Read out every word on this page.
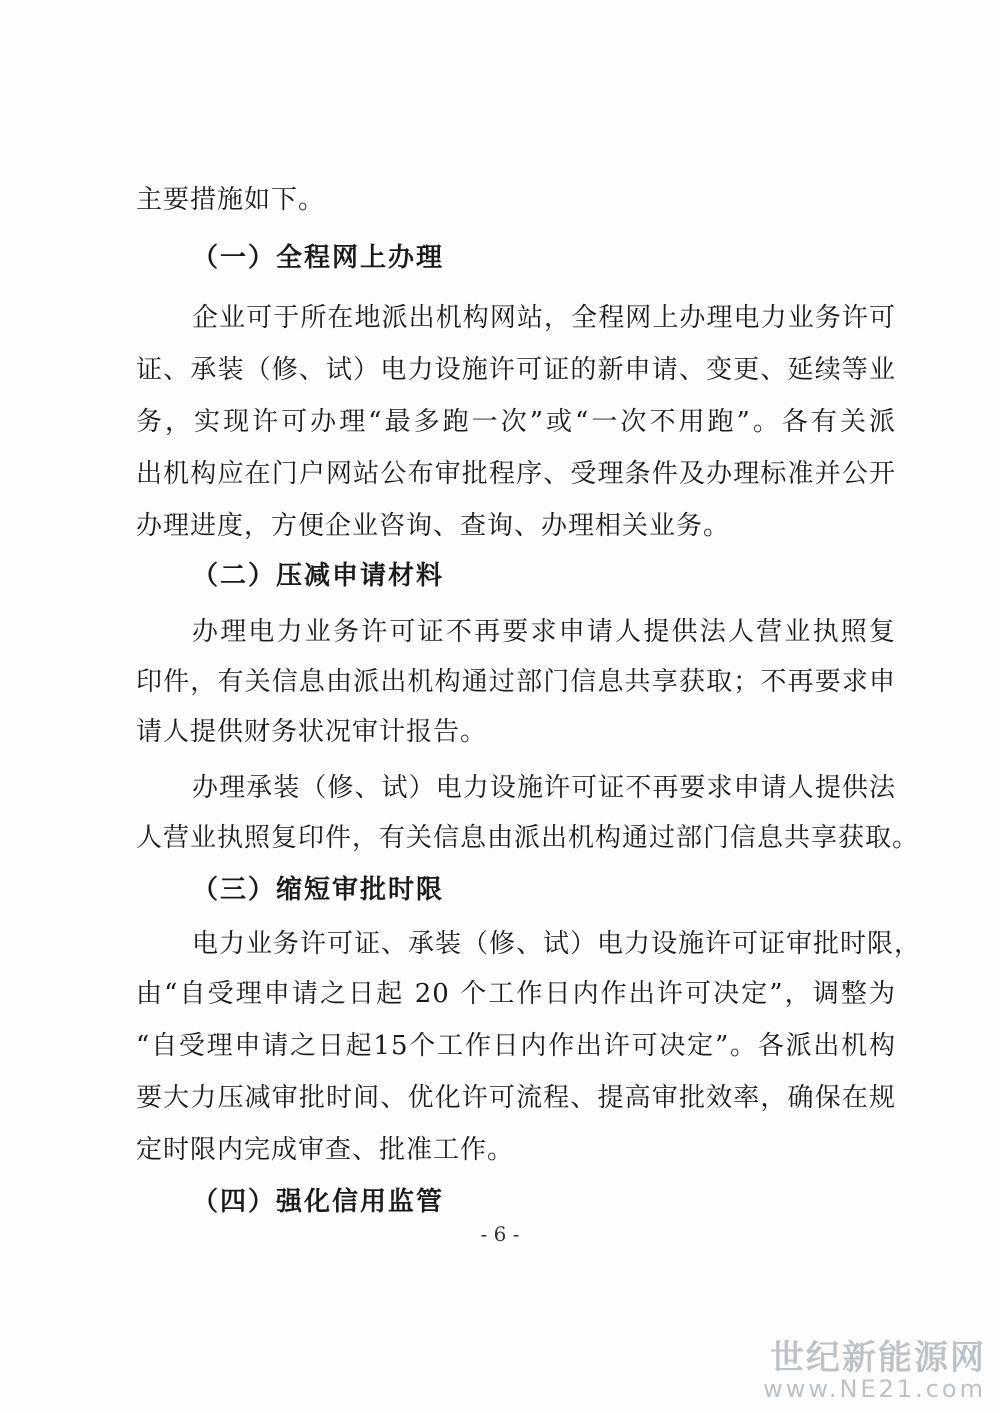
主要措施如下。
（一）全程网上办理
企业可于所在地派出机构网站，全程网上办理电力业务许可
证、承装（修、试）电力设施许可证的新申请、变更、延续等业
务，实现许可办理“最多跑一次”或“一次不用跑”。各有关派
出机构应在门户网站公布审批程序、受理条件及办理标准并公开
办理进度，方便企业咨询、查询、办理相关业务。
（二）压减申请材料
办理电力业务许可证不再要求申请人提供法人营业执照复
印件，有关信息由派出机构通过部门信息共享获取；不再要求申
请人提供财务状况审计报告。
办理承装（修、试）电力设施许可证不再要求申请人提供法
人营业执照复印件，有关信息由派出机构通过部门信息共享获取。
（三）缩短审批时限
电力业务许可证、承装（修、试）电力设施许可证审批时限，
由“自受理申请之日起 20 个工作日内作出许可决定”，调整为
“自受理申请之日起15个工作日内作出许可决定”。各派出机构
要大力压减审批时间、优化许可流程、提高审批效率，确保在规
定时限内完成审查、批准工作。
（四）强化信用监管
- 6 -
世纪新能源网
www.NE21.com
